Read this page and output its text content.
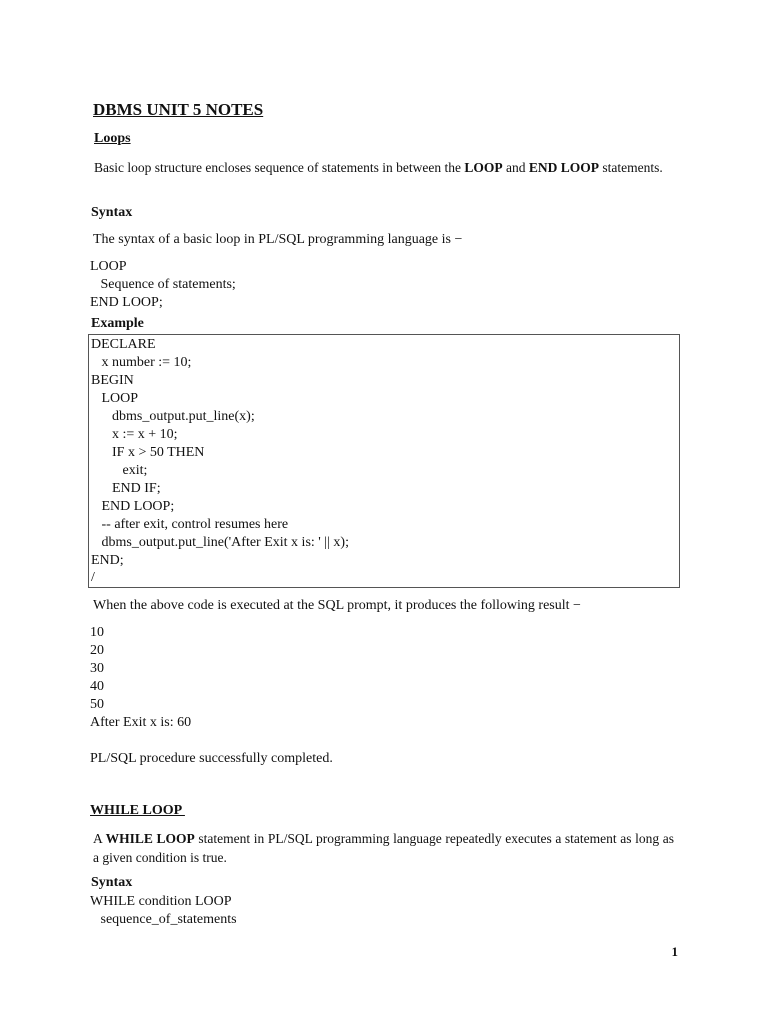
DBMS UNIT 5 NOTES
Loops
Basic loop structure encloses sequence of statements in between the LOOP and END LOOP statements.
Syntax
The syntax of a basic loop in PL/SQL programming language is −
LOOP
Sequence of statements;
END LOOP;
Example
DECLARE
x number := 10;
BEGIN
LOOP
dbms_output.put_line(x);
x := x + 10;
IF x > 50 THEN
exit;
END IF;
END LOOP;
-- after exit, control resumes here
dbms_output.put_line('After Exit x is: ' || x);
END;
/
When the above code is executed at the SQL prompt, it produces the following result −
10
20
30
40
50
After Exit x is: 60
PL/SQL procedure successfully completed.
WHILE LOOP
A WHILE LOOP statement in PL/SQL programming language repeatedly executes a statement as long as a given condition is true.
Syntax
WHILE condition LOOP
sequence_of_statements
1
